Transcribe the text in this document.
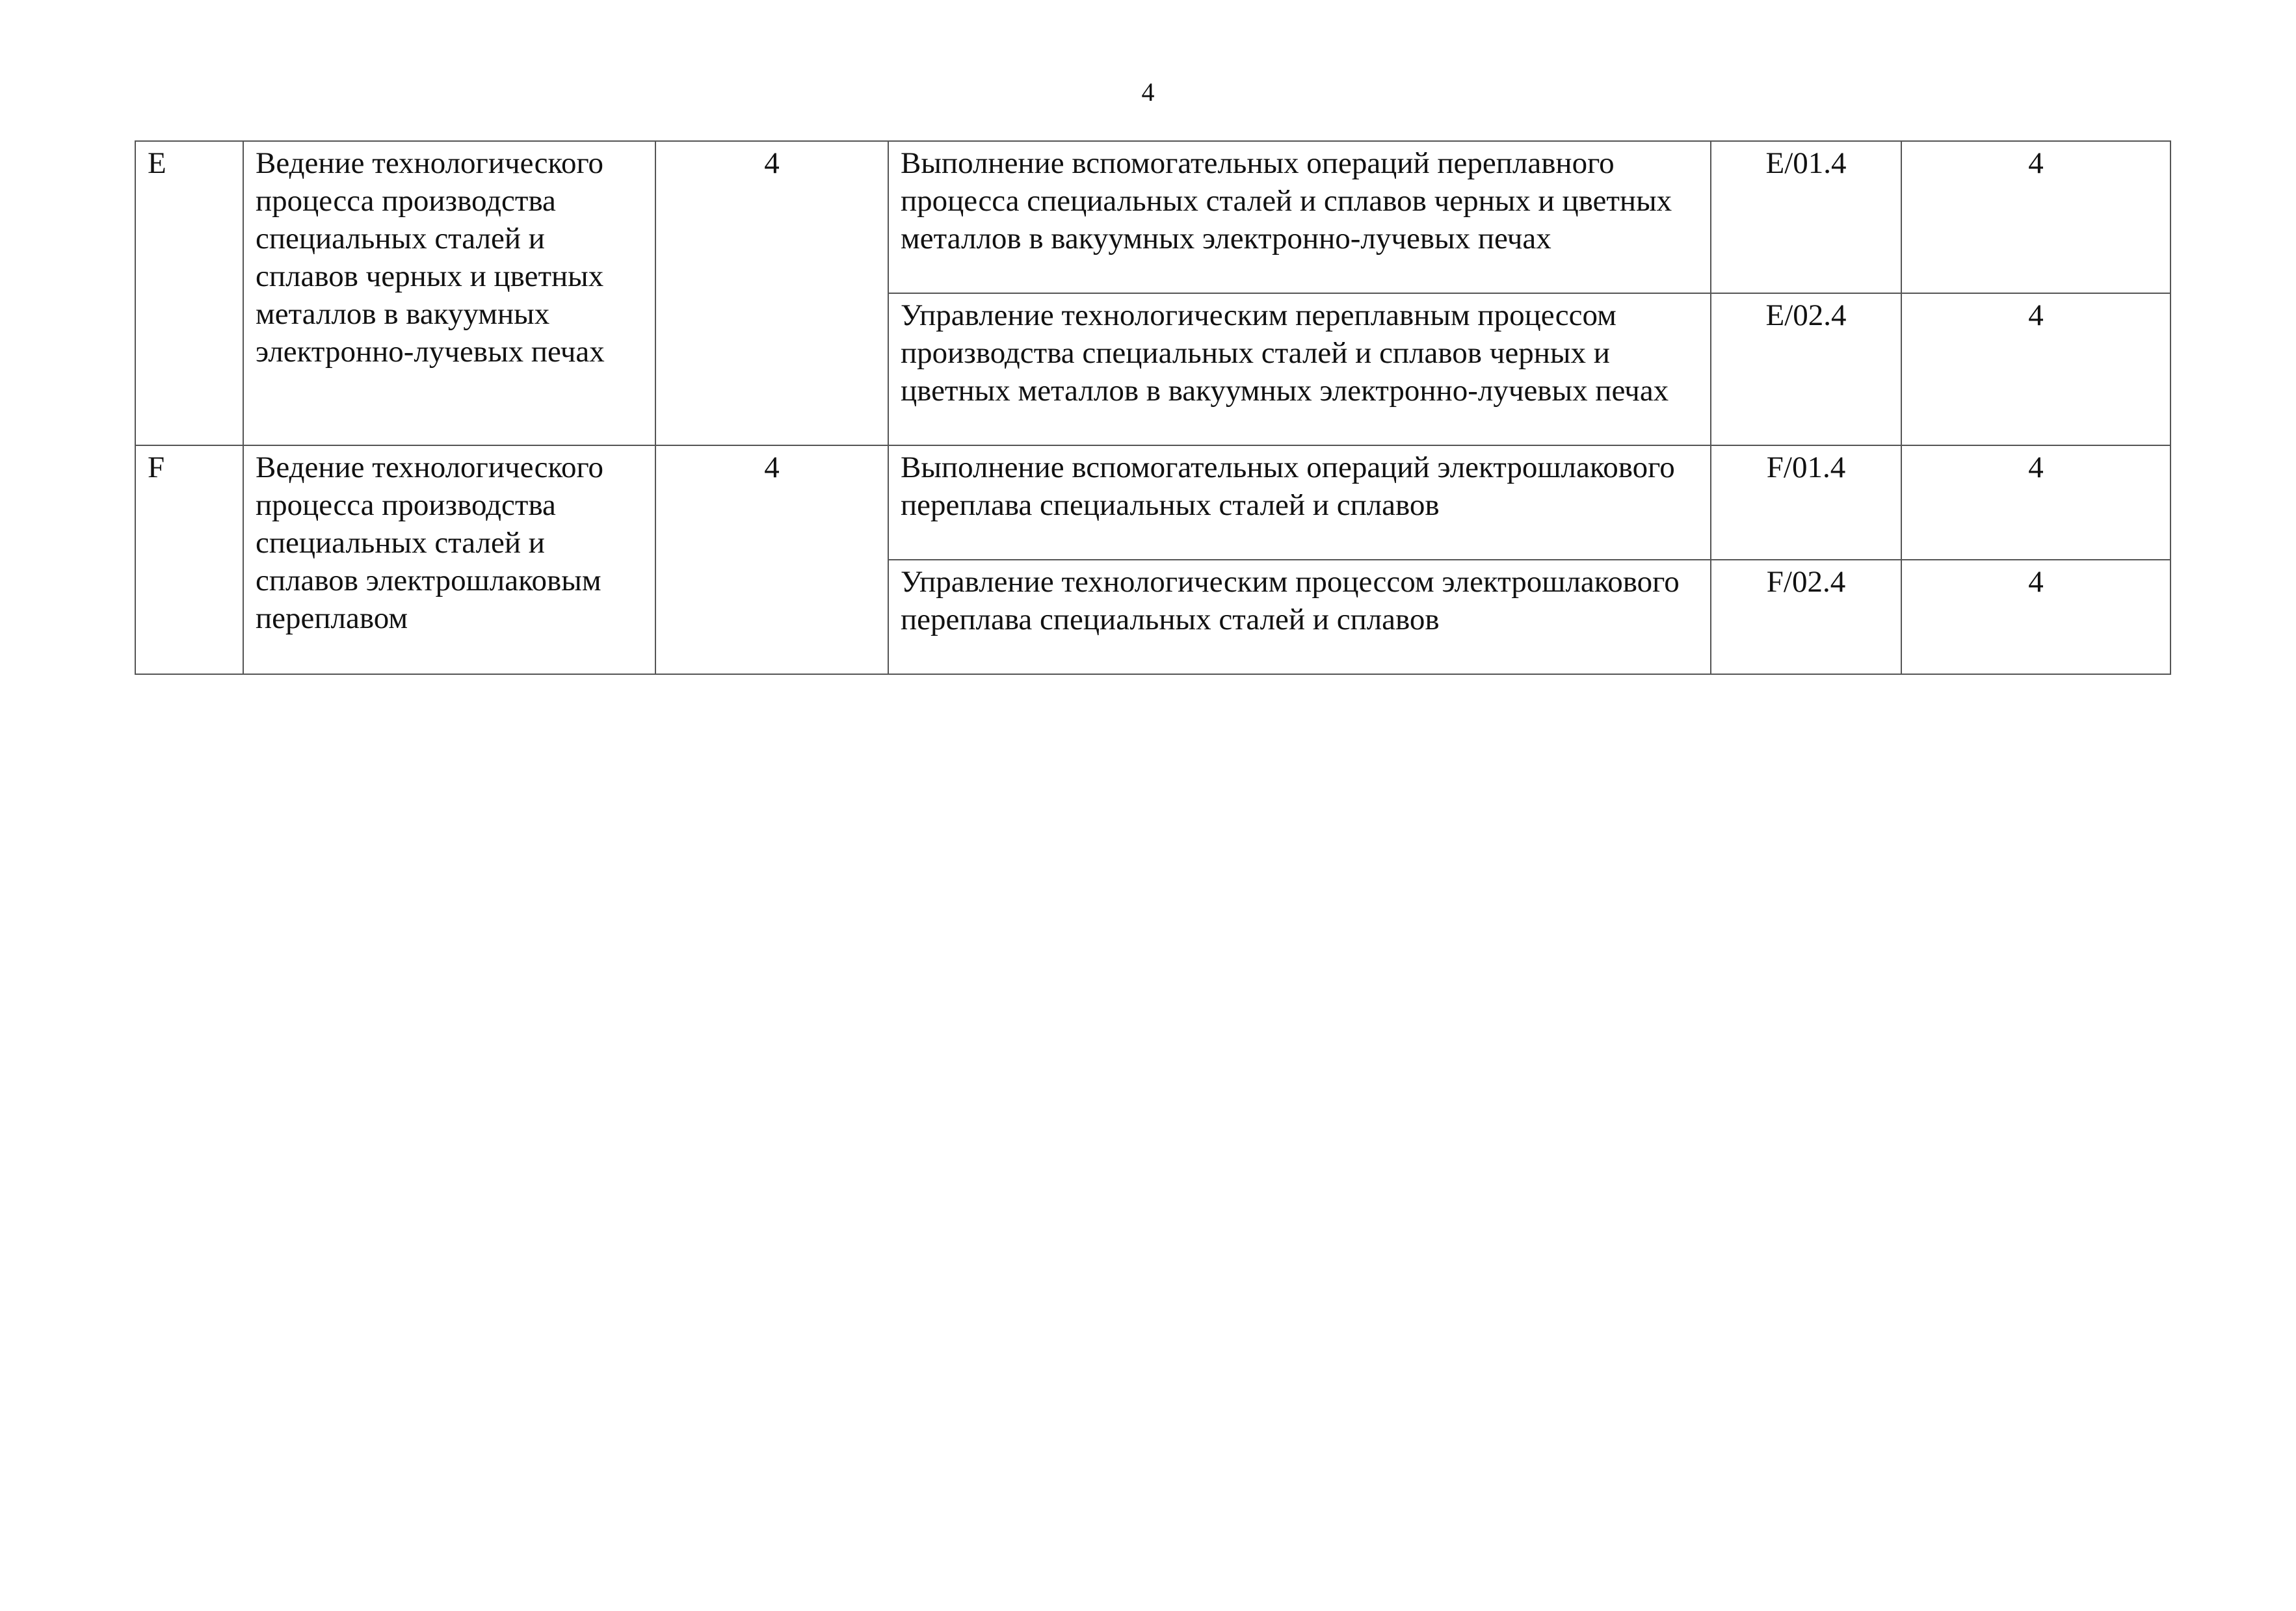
4
E	Ведение технологического процесса производства специальных сталей и сплавов черных и цветных металлов в вакуумных электронно-лучевых печах	4	Выполнение вспомогательных операций переплавного процесса специальных сталей и сплавов черных и цветных металлов в вакуумных электронно-лучевых печах	E/01.4	4
			Управление технологическим переплавным процессом производства специальных сталей и сплавов черных и цветных металлов в вакуумных электронно-лучевых печах	E/02.4	4
F	Ведение технологического процесса производства специальных сталей и сплавов электрошлаковым переплавом	4	Выполнение вспомогательных операций электрошлакового переплава специальных сталей и сплавов	F/01.4	4
			Управление технологическим процессом электрошлакового переплава специальных сталей и сплавов	F/02.4	4
